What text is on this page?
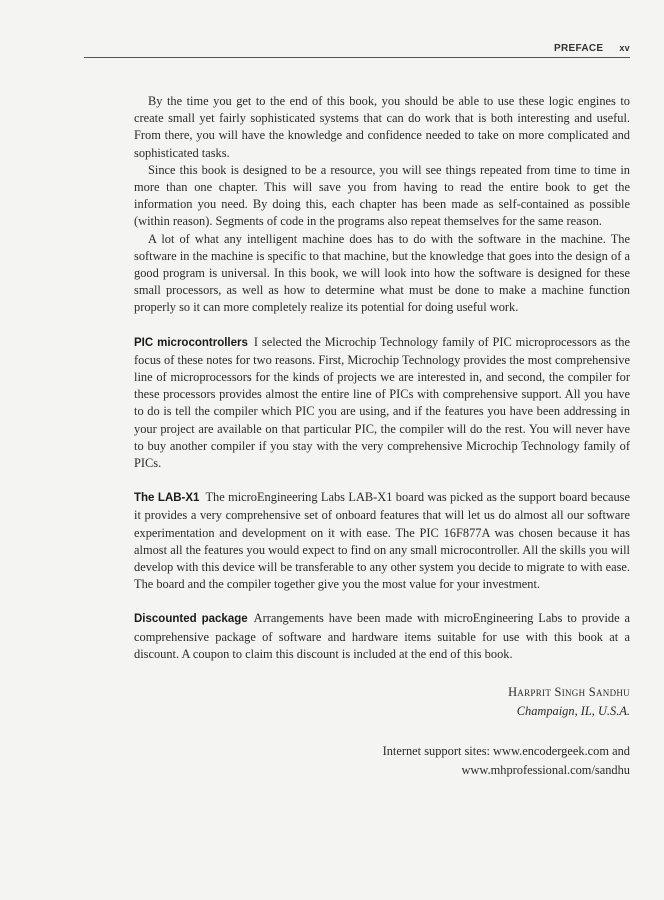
PREFACE xv

By the time you get to the end of this book, you should be able to use these logic engines to create small yet fairly sophisticated systems that can do work that is both interesting and useful. From there, you will have the knowledge and confidence needed to take on more complicated and sophisticated tasks.

Since this book is designed to be a resource, you will see things repeated from time to time in more than one chapter. This will save you from having to read the entire book to get the information you need. By doing this, each chapter has been made as self-contained as possible (within reason). Segments of code in the programs also repeat themselves for the same reason.

A lot of what any intelligent machine does has to do with the software in the machine. The software in the machine is specific to that machine, but the knowledge that goes into the design of a good program is universal. In this book, we will look into how the software is designed for these small processors, as well as how to determine what must be done to make a machine function properly so it can more completely realize its potential for doing useful work.

PIC microcontrollers I selected the Microchip Technology family of PIC microprocessors as the focus of these notes for two reasons. First, Microchip Technology provides the most comprehensive line of microprocessors for the kinds of projects we are interested in, and second, the compiler for these processors provides almost the entire line of PICs with comprehensive support. All you have to do is tell the compiler which PIC you are using, and if the features you have been addressing in your project are available on that particular PIC, the compiler will do the rest. You will never have to buy another compiler if you stay with the very comprehensive Microchip Technology family of PICs.

The LAB-X1 The microEngineering Labs LAB-X1 board was picked as the support board because it provides a very comprehensive set of onboard features that will let us do almost all our software experimentation and development on it with ease. The PIC 16F877A was chosen because it has almost all the features you would expect to find on any small microcontroller. All the skills you will develop with this device will be transferable to any other system you decide to migrate to with ease. The board and the compiler together give you the most value for your investment.

Discounted package Arrangements have been made with microEngineering Labs to provide a comprehensive package of software and hardware items suitable for use with this book at a discount. A coupon to claim this discount is included at the end of this book.

Harprit Singh Sandhu
Champaign, IL, U.S.A.
Internet support sites: www.encodergeek.com and
www.mhprofessional.com/sandhu
